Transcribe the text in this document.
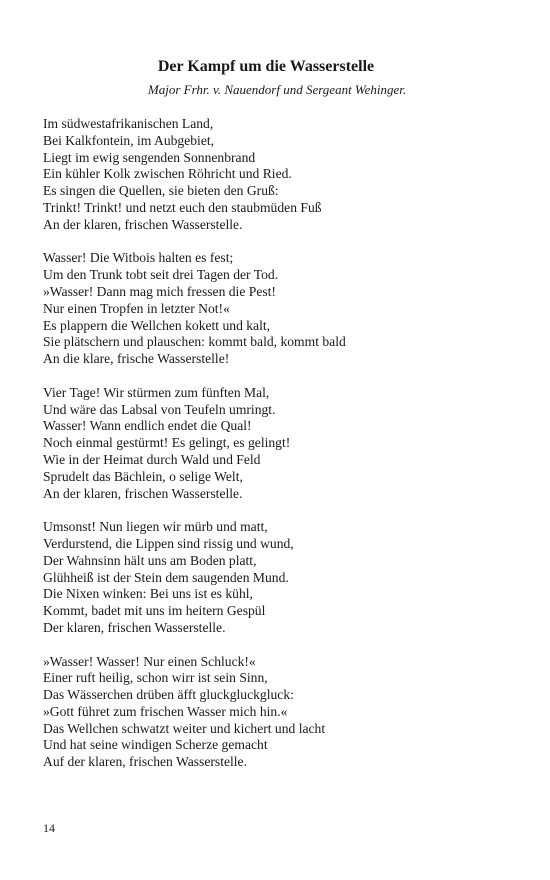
Der Kampf um die Wasserstelle
Major Frhr. v. Nauendorf und Sergeant Wehinger.
Im südwestafrikanischen Land,
Bei Kalkfontein, im Aubgebiet,
Liegt im ewig sengenden Sonnenbrand
Ein kühler Kolk zwischen Röhricht und Ried.
Es singen die Quellen, sie bieten den Gruß:
Trinkt! Trinkt! und netzt euch den staubmüden Fuß
An der klaren, frischen Wasserstelle.
Wasser! Die Witbois halten es fest;
Um den Trunk tobt seit drei Tagen der Tod.
»Wasser! Dann mag mich fressen die Pest!
Nur einen Tropfen in letzter Not!«
Es plappern die Wellchen kokett und kalt,
Sie plätschern und plauschen: kommt bald, kommt bald
An die klare, frische Wasserstelle!
Vier Tage! Wir stürmen zum fünften Mal,
Und wäre das Labsal von Teufeln umringt.
Wasser! Wann endlich endet die Qual!
Noch einmal gestürmt! Es gelingt, es gelingt!
Wie in der Heimat durch Wald und Feld
Sprudelt das Bächlein, o selige Welt,
An der klaren, frischen Wasserstelle.
Umsonst! Nun liegen wir mürb und matt,
Verdurstend, die Lippen sind rissig und wund,
Der Wahnsinn hält uns am Boden platt,
Glühheiß ist der Stein dem saugenden Mund.
Die Nixen winken: Bei uns ist es kühl,
Kommt, badet mit uns im heitern Gespül
Der klaren, frischen Wasserstelle.
»Wasser! Wasser! Nur einen Schluck!«
Einer ruft heilig, schon wirr ist sein Sinn,
Das Wässerchen drüben äfft gluckgluckgluck:
»Gott führet zum frischen Wasser mich hin.«
Das Wellchen schwatzt weiter und kichert und lacht
Und hat seine windigen Scherze gemacht
Auf der klaren, frischen Wasserstelle.
14
